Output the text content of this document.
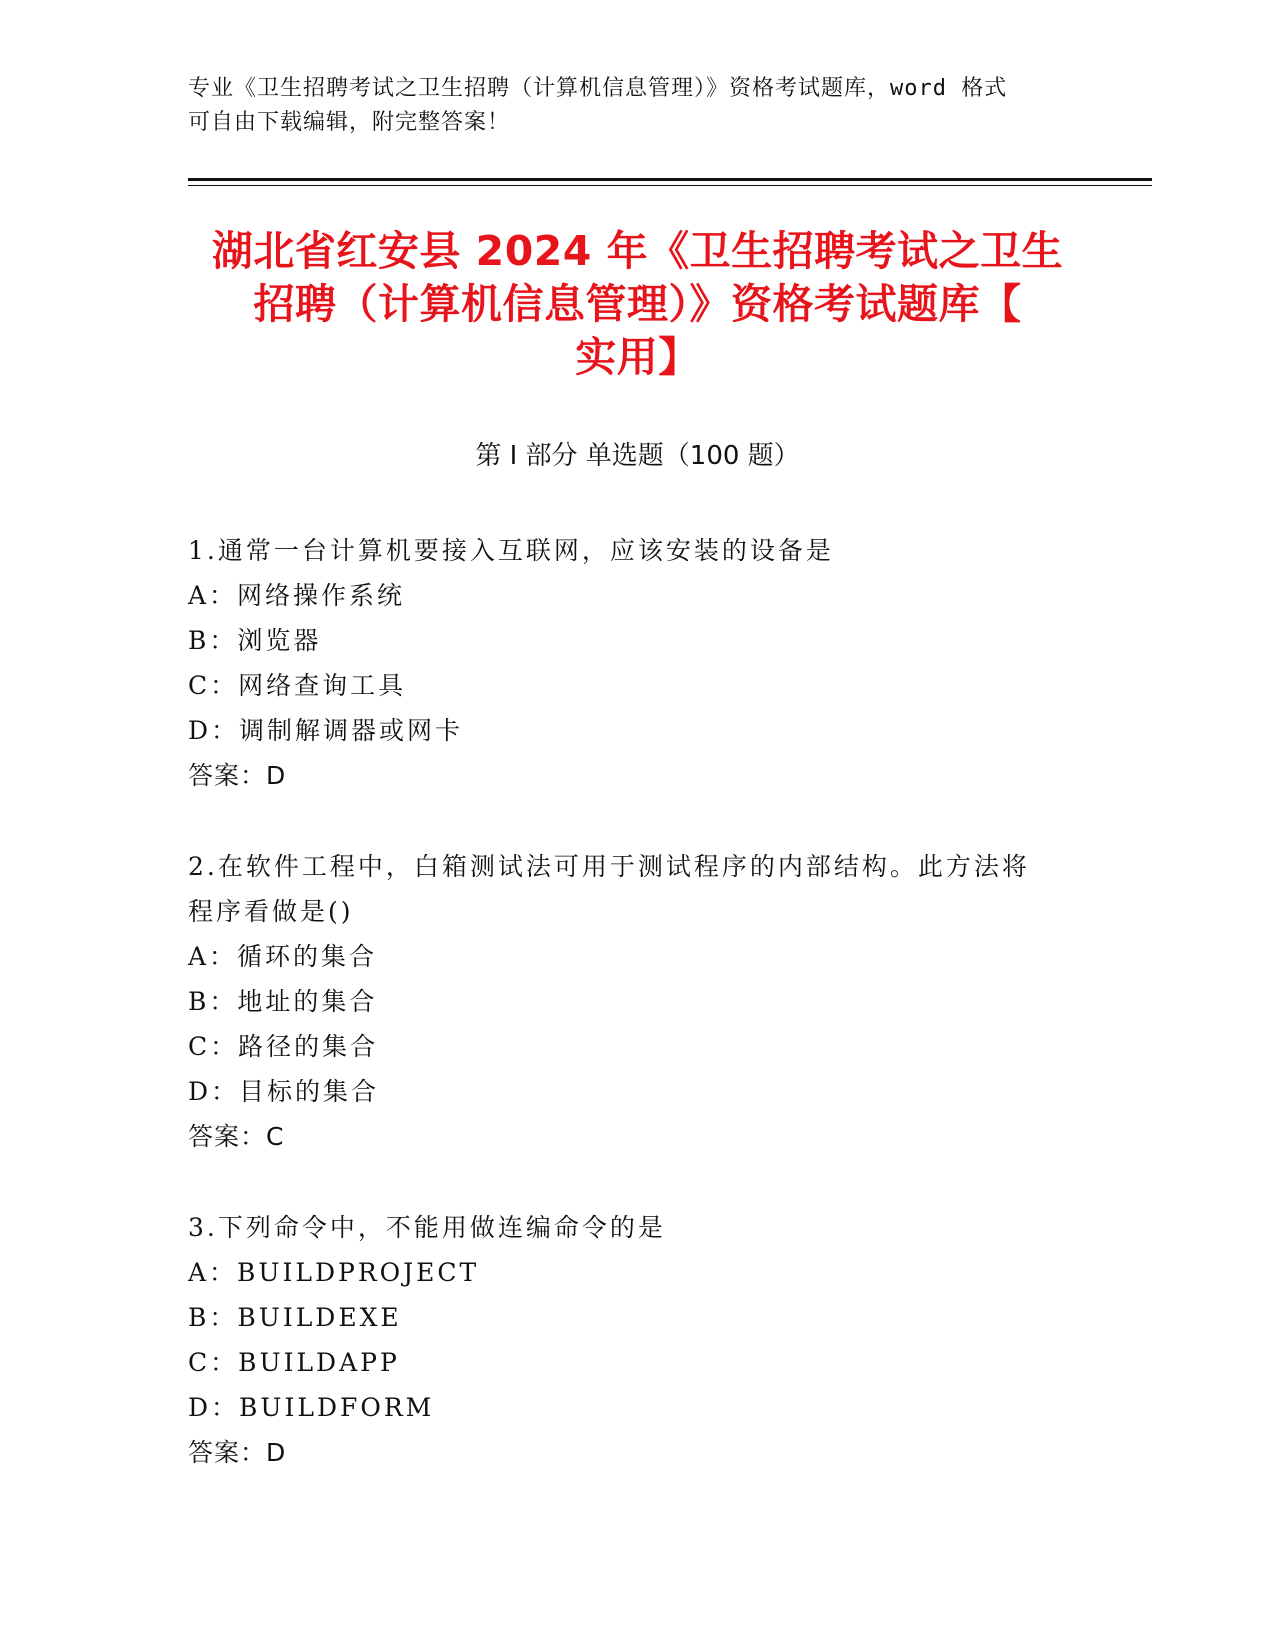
专业《卫生招聘考试之卫生招聘（计算机信息管理）》资格考试题库，word 格式
可自由下载编辑，附完整答案！
湖北省红安县 2024 年《卫生招聘考试之卫生
招聘（计算机信息管理）》资格考试题库【
实用】
第 I 部分 单选题（100 题）
1.通常一台计算机要接入互联网，应该安装的设备是
A：网络操作系统
B：浏览器
C：网络查询工具
D：调制解调器或网卡
答案：D
2.在软件工程中，白箱测试法可用于测试程序的内部结构。此方法将
程序看做是()
A：循环的集合
B：地址的集合
C：路径的集合
D：目标的集合
答案：C
3.下列命令中，不能用做连编命令的是
A：BUILDPROJECT
B：BUILDEXE
C：BUILDAPP
D：BUILDFORM
答案：D
